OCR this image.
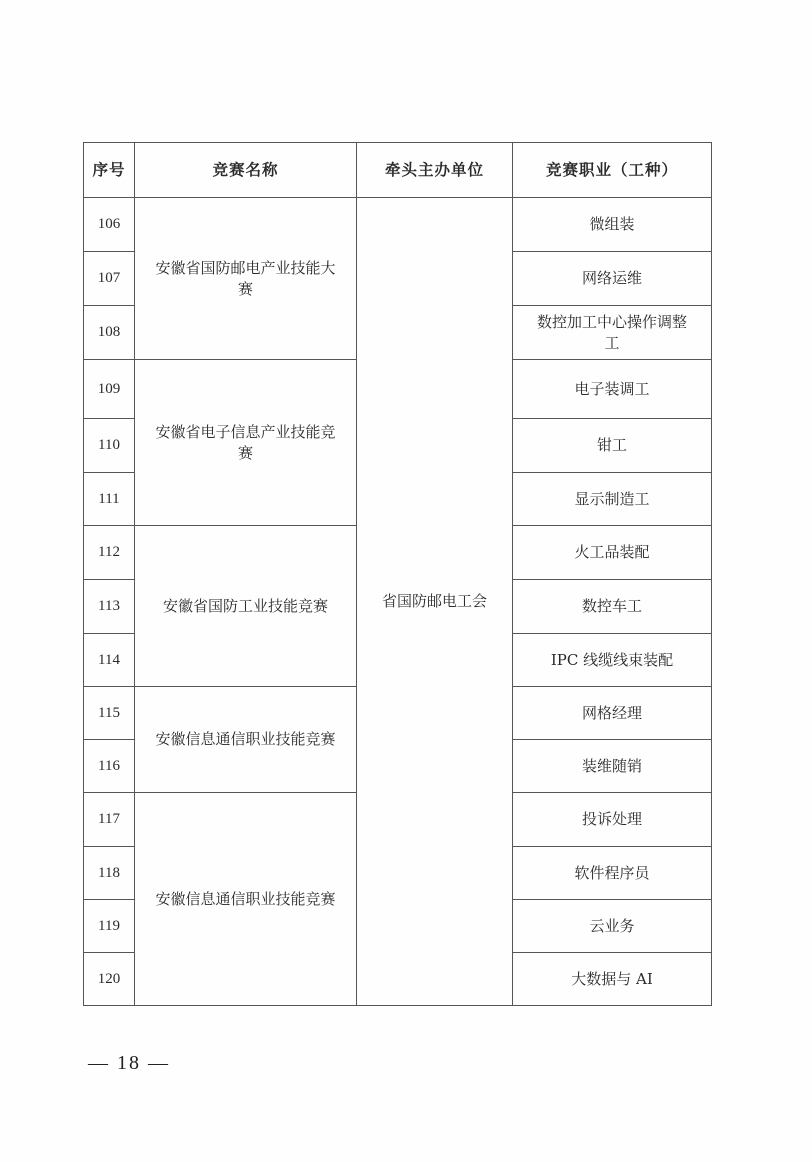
序号	竞赛名称	牵头主办单位	竞赛职业（工种）
106	安徽省国防邮电产业技能大赛	省国防邮电工会	微组装
107			网络运维
108			数控加工中心操作调整工
109	安徽省电子信息产业技能竞赛		电子装调工
110			钳工
111			显示制造工
112	安徽省国防工业技能竞赛		火工品装配
113			数控车工
114			IPC 线缆线束装配
115	安徽信息通信职业技能竞赛		网格经理
116			装维随销
117	安徽信息通信职业技能竞赛		投诉处理
118			软件程序员
119			云业务
120			大数据与 AI
— 18 —
